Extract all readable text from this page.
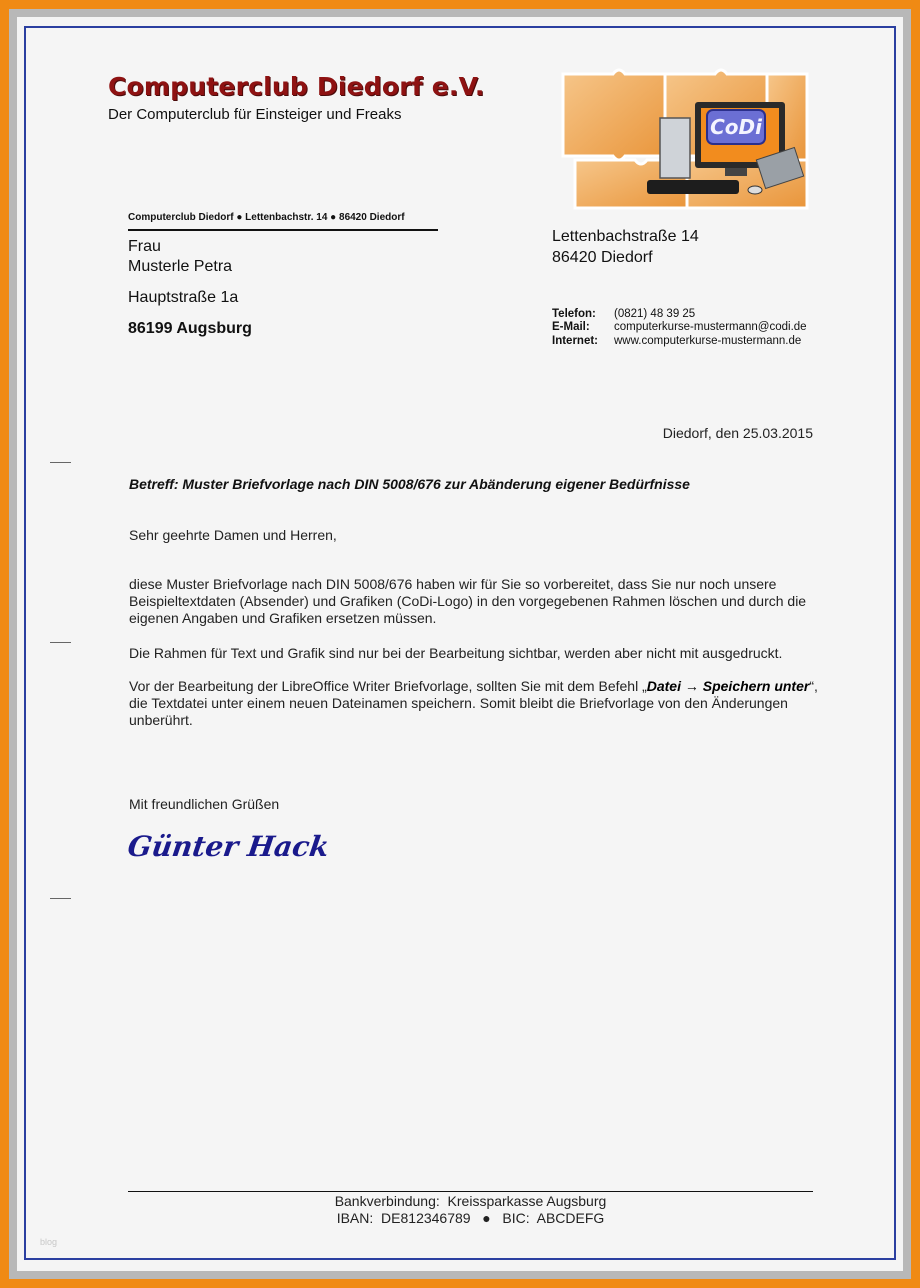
Computerclub Diedorf e.V.
Der Computerclub für Einsteiger und Freaks
CoDi
Computerclub Diedorf ● Lettenbachstr. 14 ● 86420 Diedorf
Frau
Musterle Petra
Hauptstraße 1a
86199 Augsburg
Lettenbachstraße 14
86420 Diedorf
Telefon: (0821) 48 39 25
E-Mail: computerkurse-mustermann@codi.de
Internet: www.computerkurse-mustermann.de
Diedorf, den 25.03.2015
Betreff: Muster Briefvorlage nach DIN 5008/676 zur Abänderung eigener Bedürfnisse
Sehr geehrte Damen und Herren,
diese Muster Briefvorlage nach DIN 5008/676 haben wir für Sie so vorbereitet, dass Sie nur noch unsere Beispieltextdaten (Absender) und Grafiken (CoDi-Logo) in den vorgegebenen Rahmen löschen und durch die eigenen Angaben und Grafiken ersetzen müssen.
Die Rahmen für Text und Grafik sind nur bei der Bearbeitung sichtbar, werden aber nicht mit ausgedruckt.
Vor der Bearbeitung der LibreOffice Writer Briefvorlage, sollten Sie mit dem Befehl „Datei → Speichern unter“, die Textdatei unter einem neuen Dateinamen speichern. Somit bleibt die Briefvorlage von den Änderungen unberührt.
Mit freundlichen Grüßen
Günter Hack
Bankverbindung:  Kreissparkasse Augsburg
IBAN:  DE812346789   ●   BIC:  ABCDEFG
blog
